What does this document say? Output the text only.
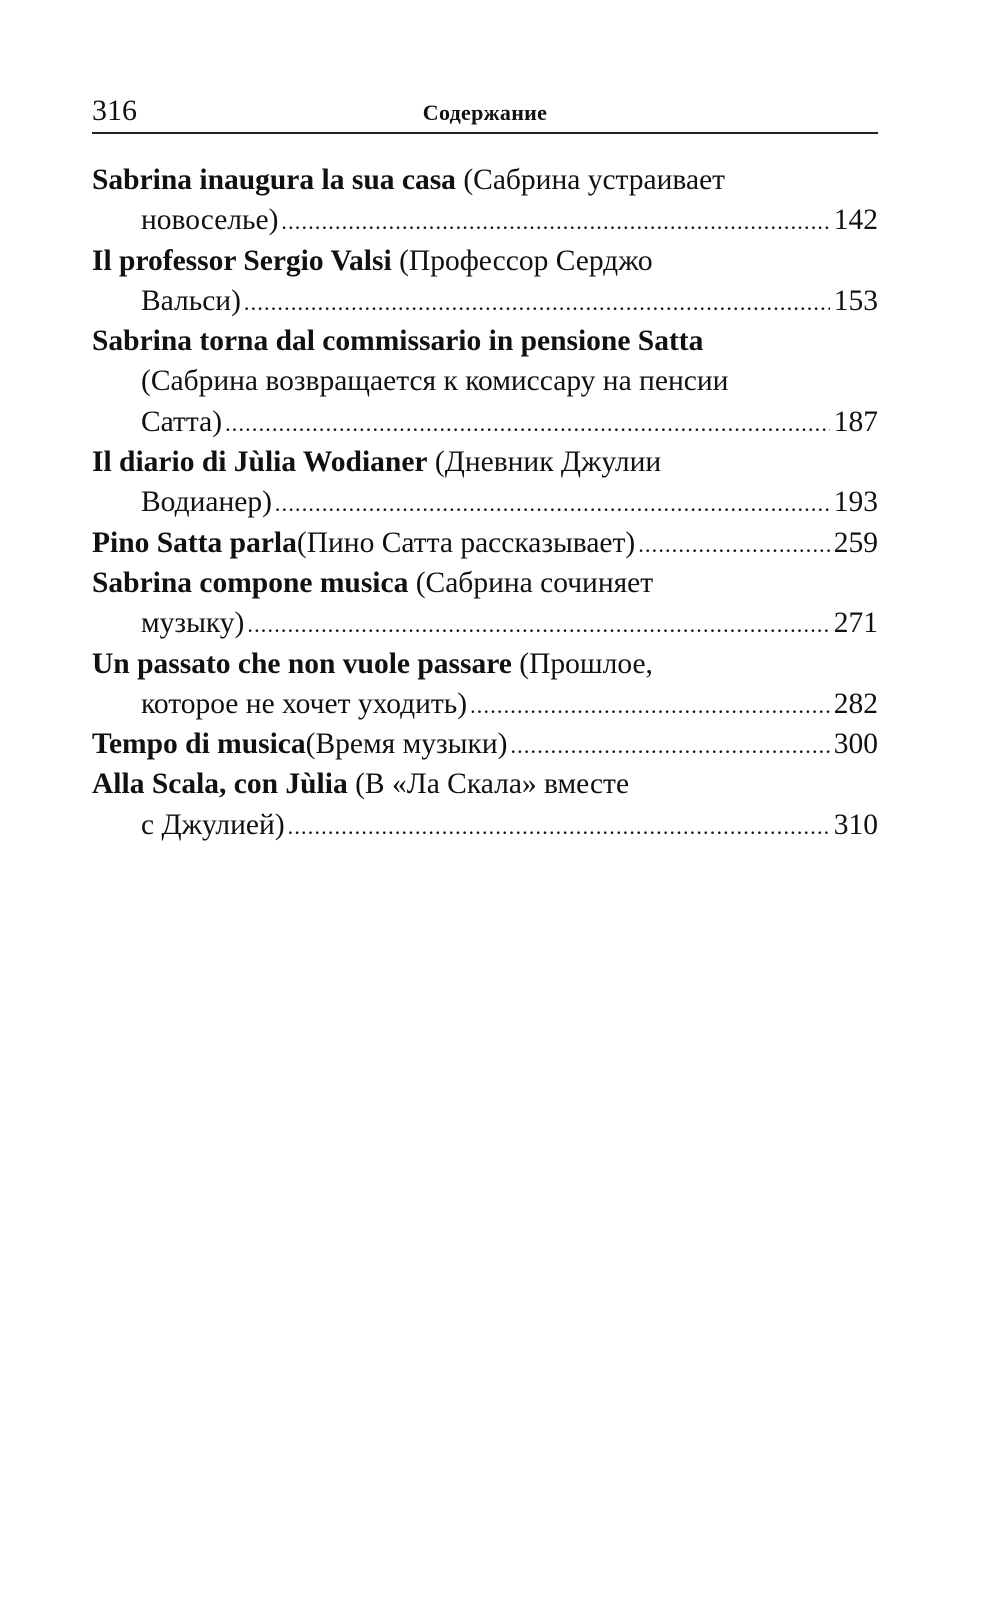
316	Содержание
Sabrina inaugura la sua casa (Сабрина устраивает
новоселье) .....	142
Il professor Sergio Valsi (Профессор Серджо
Вальси) .....	153
Sabrina torna dal commissario in pensione Satta
(Сабрина возвращается к комиссару на пенсии
Сатта) .....	187
Il diario di Jùlia Wodianer (Дневник Джулии
Водианер) .....	193
Pino Satta parla (Пино Сатта рассказывает) .....	259
Sabrina compone musica (Сабрина сочиняет
музыку) .....	271
Un passato che non vuole passare (Прошлое,
которое не хочет уходить) .....	282
Tempo di musica (Время музыки) .....	300
Alla Scala, con Jùlia (В «Ла Скала» вместе
с Джулией) .....	310
